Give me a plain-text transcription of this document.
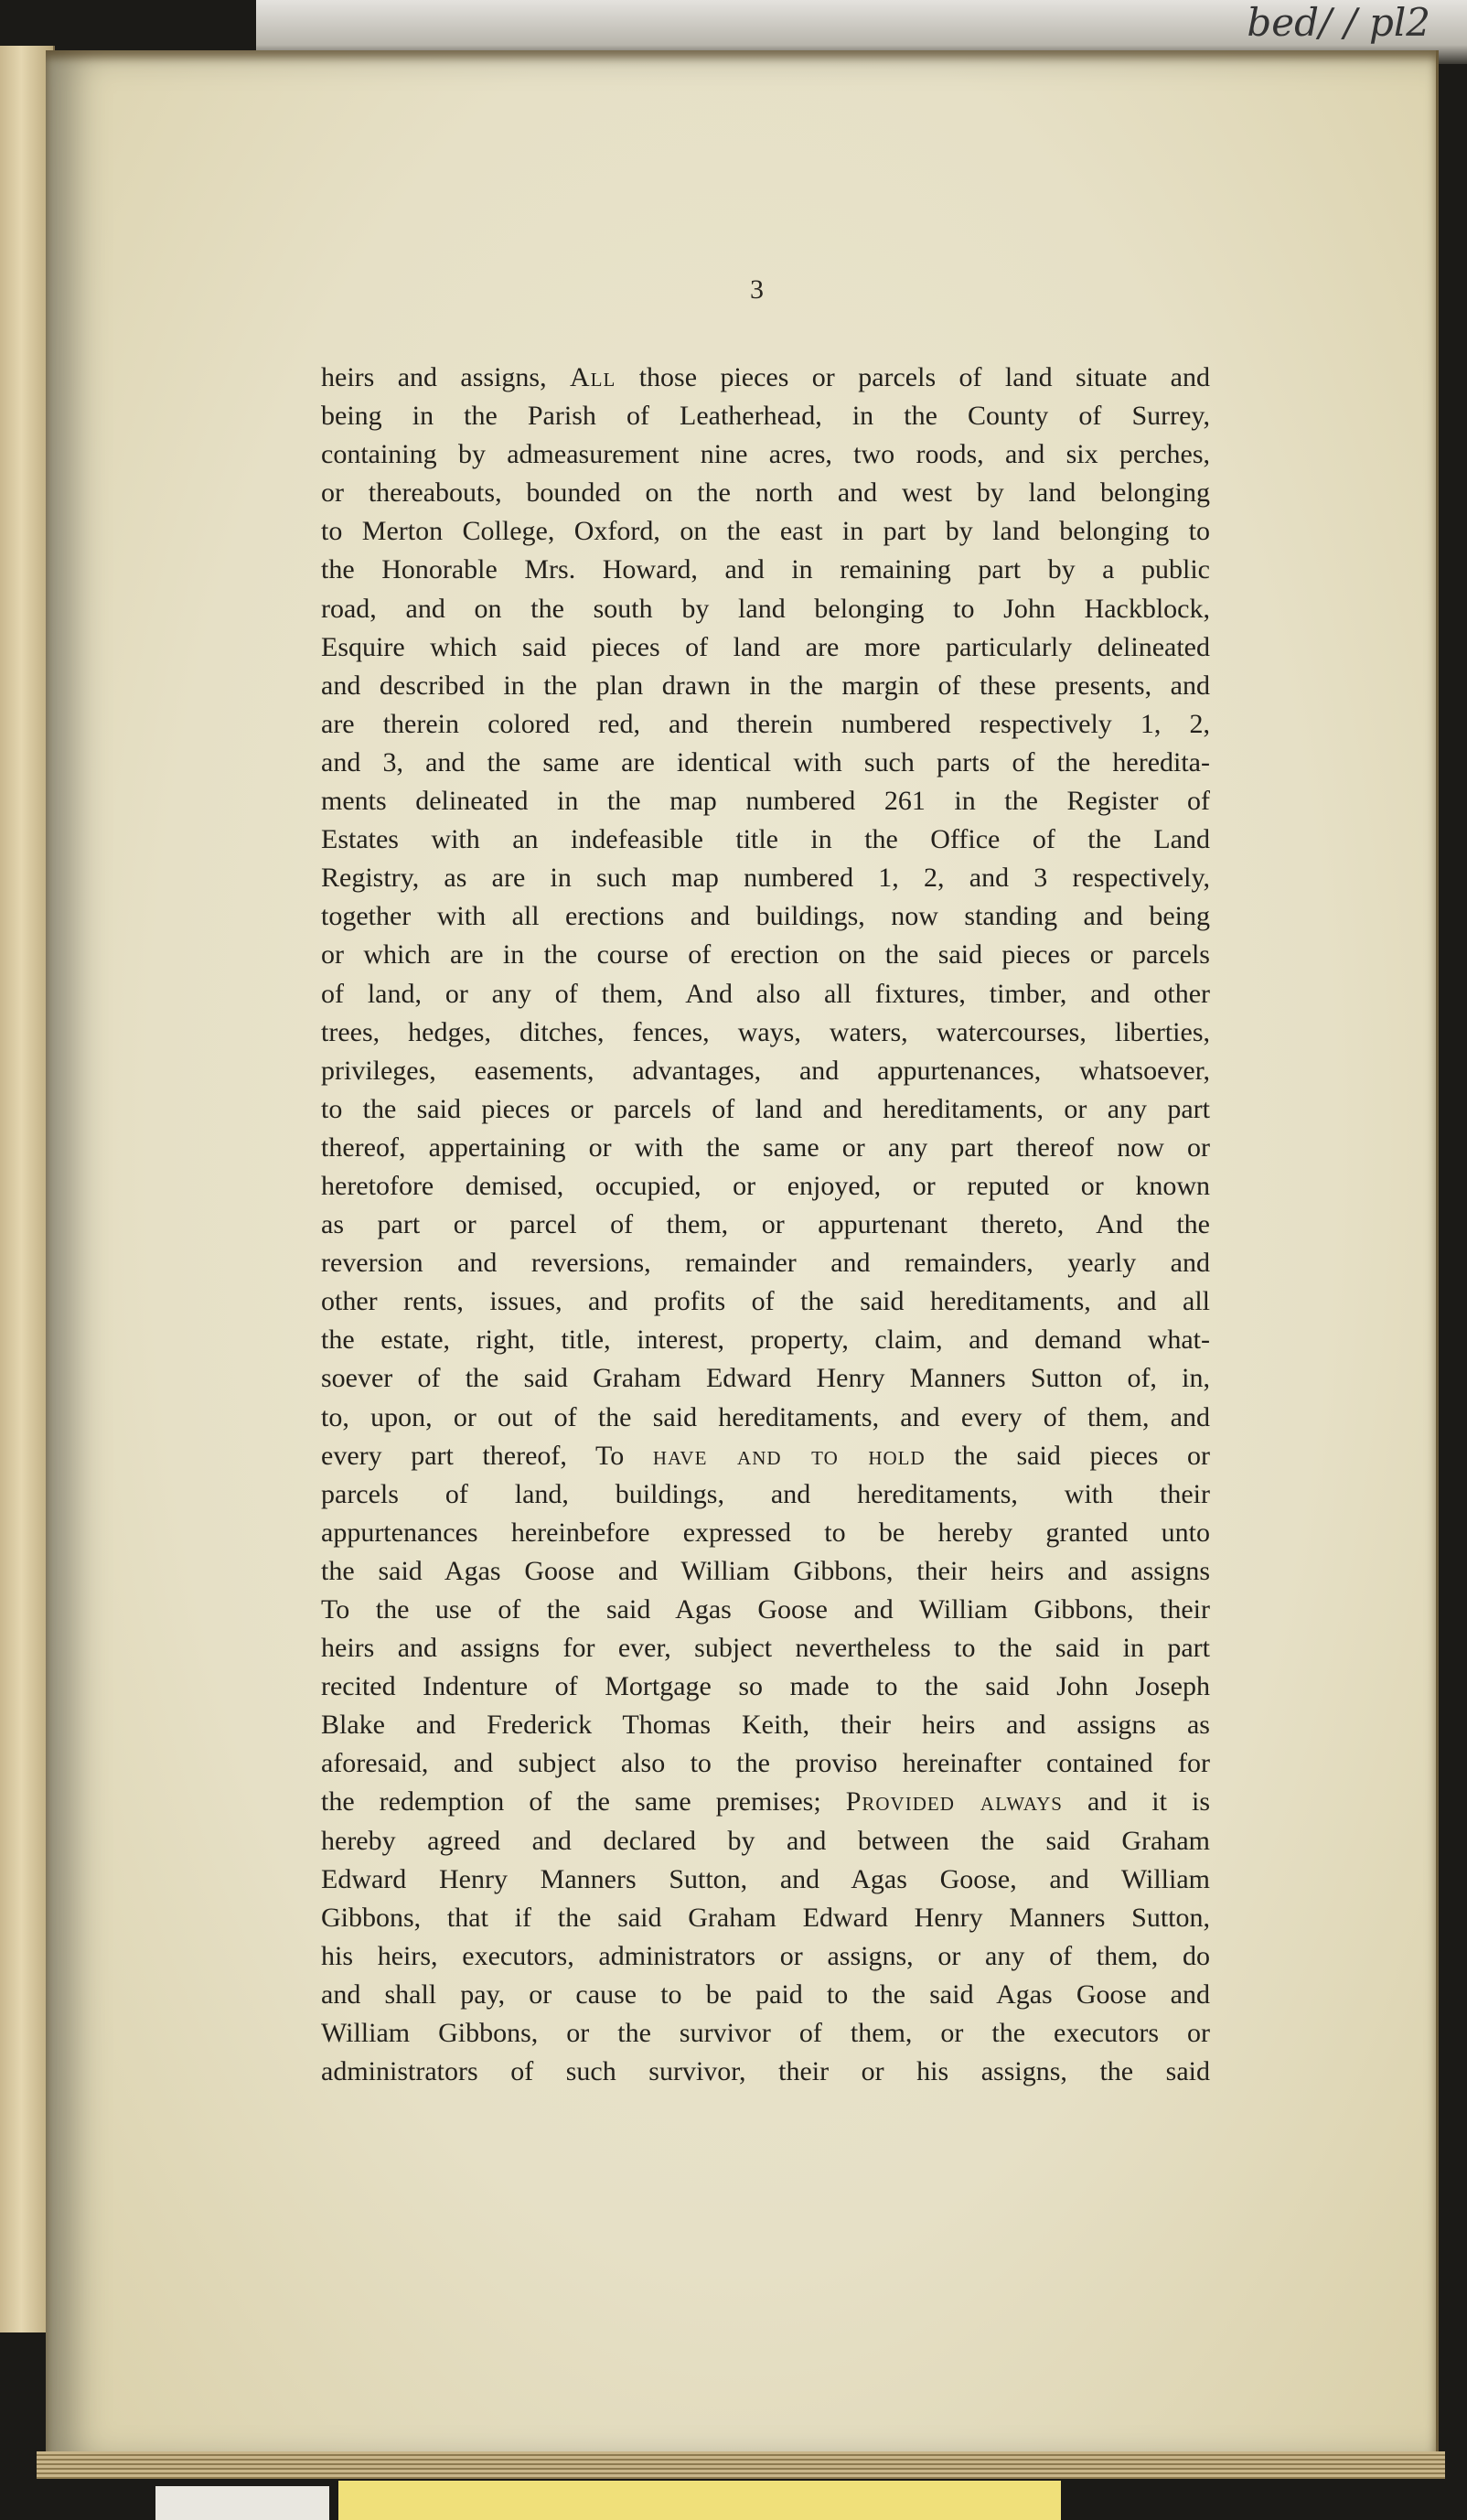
bed/ / pl2
3
heirs and assigns, All those pieces or parcels of land situate and
being in the Parish of Leatherhead, in the County of Surrey,
containing by admeasurement nine acres, two roods, and six perches,
or thereabouts, bounded on the north and west by land belonging
to Merton College, Oxford, on the east in part by land belonging to
the Honorable Mrs. Howard, and in remaining part by a public
road, and on the south by land belonging to John Hackblock,
Esquire which said pieces of land are more particularly delineated
and described in the plan drawn in the margin of these presents, and
are therein colored red, and therein numbered respectively 1, 2,
and 3, and the same are identical with such parts of the heredita-
ments delineated in the map numbered 261 in the Register of
Estates with an indefeasible title in the Office of the Land
Registry, as are in such map numbered 1, 2, and 3 respectively,
together with all erections and buildings, now standing and being
or which are in the course of erection on the said pieces or parcels
of land, or any of them, And also all fixtures, timber, and other
trees, hedges, ditches, fences, ways, waters, watercourses, liberties,
privileges, easements, advantages, and appurtenances, whatsoever,
to the said pieces or parcels of land and hereditaments, or any part
thereof, appertaining or with the same or any part thereof now or
heretofore demised, occupied, or enjoyed, or reputed or known
as part or parcel of them, or appurtenant thereto, And the
reversion and reversions, remainder and remainders, yearly and
other rents, issues, and profits of the said hereditaments, and all
the estate, right, title, interest, property, claim, and demand what-
soever of the said Graham Edward Henry Manners Sutton of, in,
to, upon, or out of the said hereditaments, and every of them, and
every part thereof, To have and to hold the said pieces or
parcels of land, buildings, and hereditaments, with their
appurtenances hereinbefore expressed to be hereby granted unto
the said Agas Goose and William Gibbons, their heirs and assigns
To the use of the said Agas Goose and William Gibbons, their
heirs and assigns for ever, subject nevertheless to the said in part
recited Indenture of Mortgage so made to the said John Joseph
Blake and Frederick Thomas Keith, their heirs and assigns as
aforesaid, and subject also to the proviso hereinafter contained for
the redemption of the same premises; Provided always and it is
hereby agreed and declared by and between the said Graham
Edward Henry Manners Sutton, and Agas Goose, and William
Gibbons, that if the said Graham Edward Henry Manners Sutton,
his heirs, executors, administrators or assigns, or any of them, do
and shall pay, or cause to be paid to the said Agas Goose and
William Gibbons, or the survivor of them, or the executors or
administrators of such survivor, their or his assigns, the said
